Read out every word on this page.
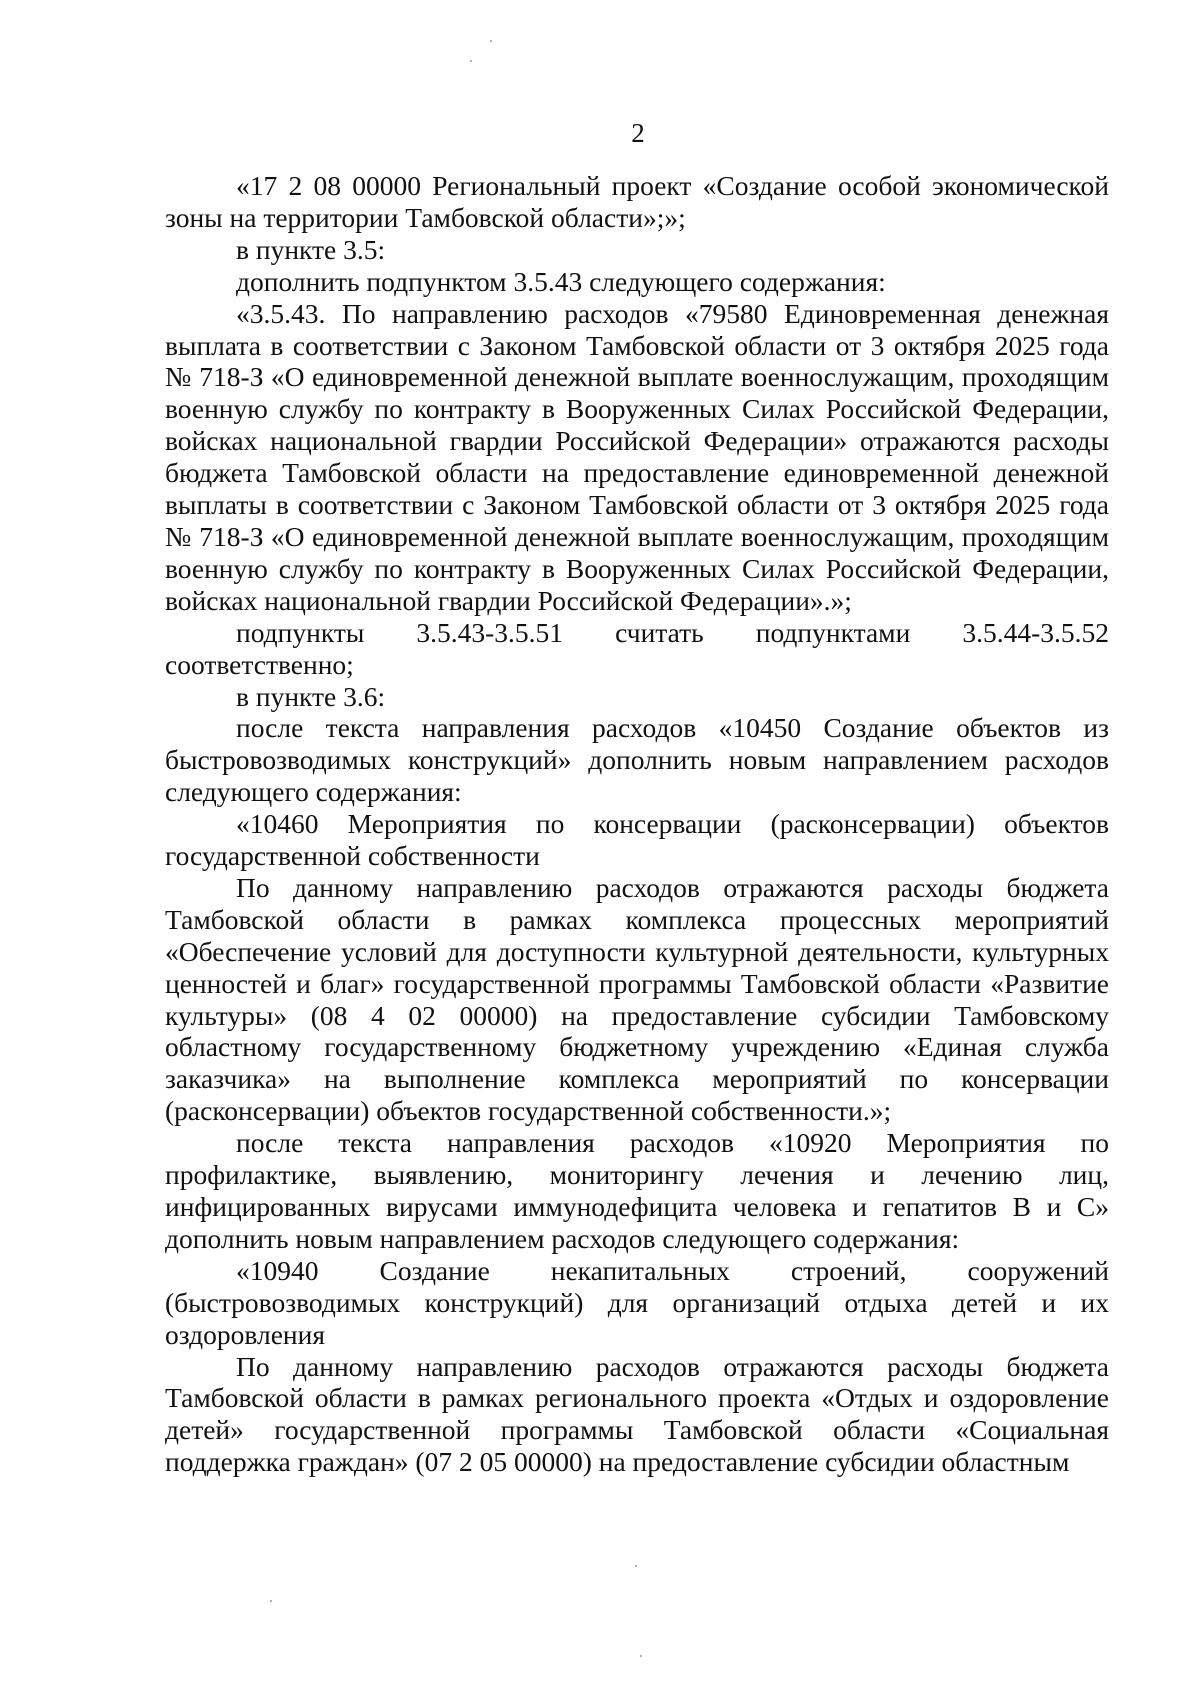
2

«17 2 08 00000 Региональный проект «Создание особой экономической зоны на территории Тамбовской области»;»;

в пункте 3.5:

дополнить подпунктом 3.5.43 следующего содержания:

«3.5.43. По направлению расходов «79580 Единовременная денежная выплата в соответствии с Законом Тамбовской области от 3 октября 2025 года № 718-З «О единовременной денежной выплате военнослужащим, проходящим военную службу по контракту в Вооруженных Силах Российской Федерации, войсках национальной гвардии Российской Федерации» отражаются расходы бюджета Тамбовской области на предоставление единовременной денежной выплаты в соответствии с Законом Тамбовской области от 3 октября 2025 года № 718-З «О единовременной денежной выплате военнослужащим, проходящим военную службу по контракту в Вооруженных Силах Российской Федерации, войсках национальной гвардии Российской Федерации».»;

подпункты 3.5.43-3.5.51 считать подпунктами 3.5.44-3.5.52 соответственно;

в пункте 3.6:

после текста направления расходов «10450 Создание объектов из быстровозводимых конструкций» дополнить новым направлением расходов следующего содержания:

«10460 Мероприятия по консервации (расконсервации) объектов государственной собственности

По данному направлению расходов отражаются расходы бюджета Тамбовской области в рамках комплекса процессных мероприятий «Обеспечение условий для доступности культурной деятельности, культурных ценностей и благ» государственной программы Тамбовской области «Развитие культуры» (08 4 02 00000) на предоставление субсидии Тамбовскому областному государственному бюджетному учреждению «Единая служба заказчика» на выполнение комплекса мероприятий по консервации (расконсервации) объектов государственной собственности.»;

после текста направления расходов «10920 Мероприятия по профилактике, выявлению, мониторингу лечения и лечению лиц, инфицированных вирусами иммунодефицита человека и гепатитов B и C» дополнить новым направлением расходов следующего содержания:

«10940 Создание некапитальных строений, сооружений (быстровозводимых конструкций) для организаций отдыха детей и их оздоровления

По данному направлению расходов отражаются расходы бюджета Тамбовской области в рамках регионального проекта «Отдых и оздоровление детей» государственной программы Тамбовской области «Социальная поддержка граждан» (07 2 05 00000) на предоставление субсидии областным
